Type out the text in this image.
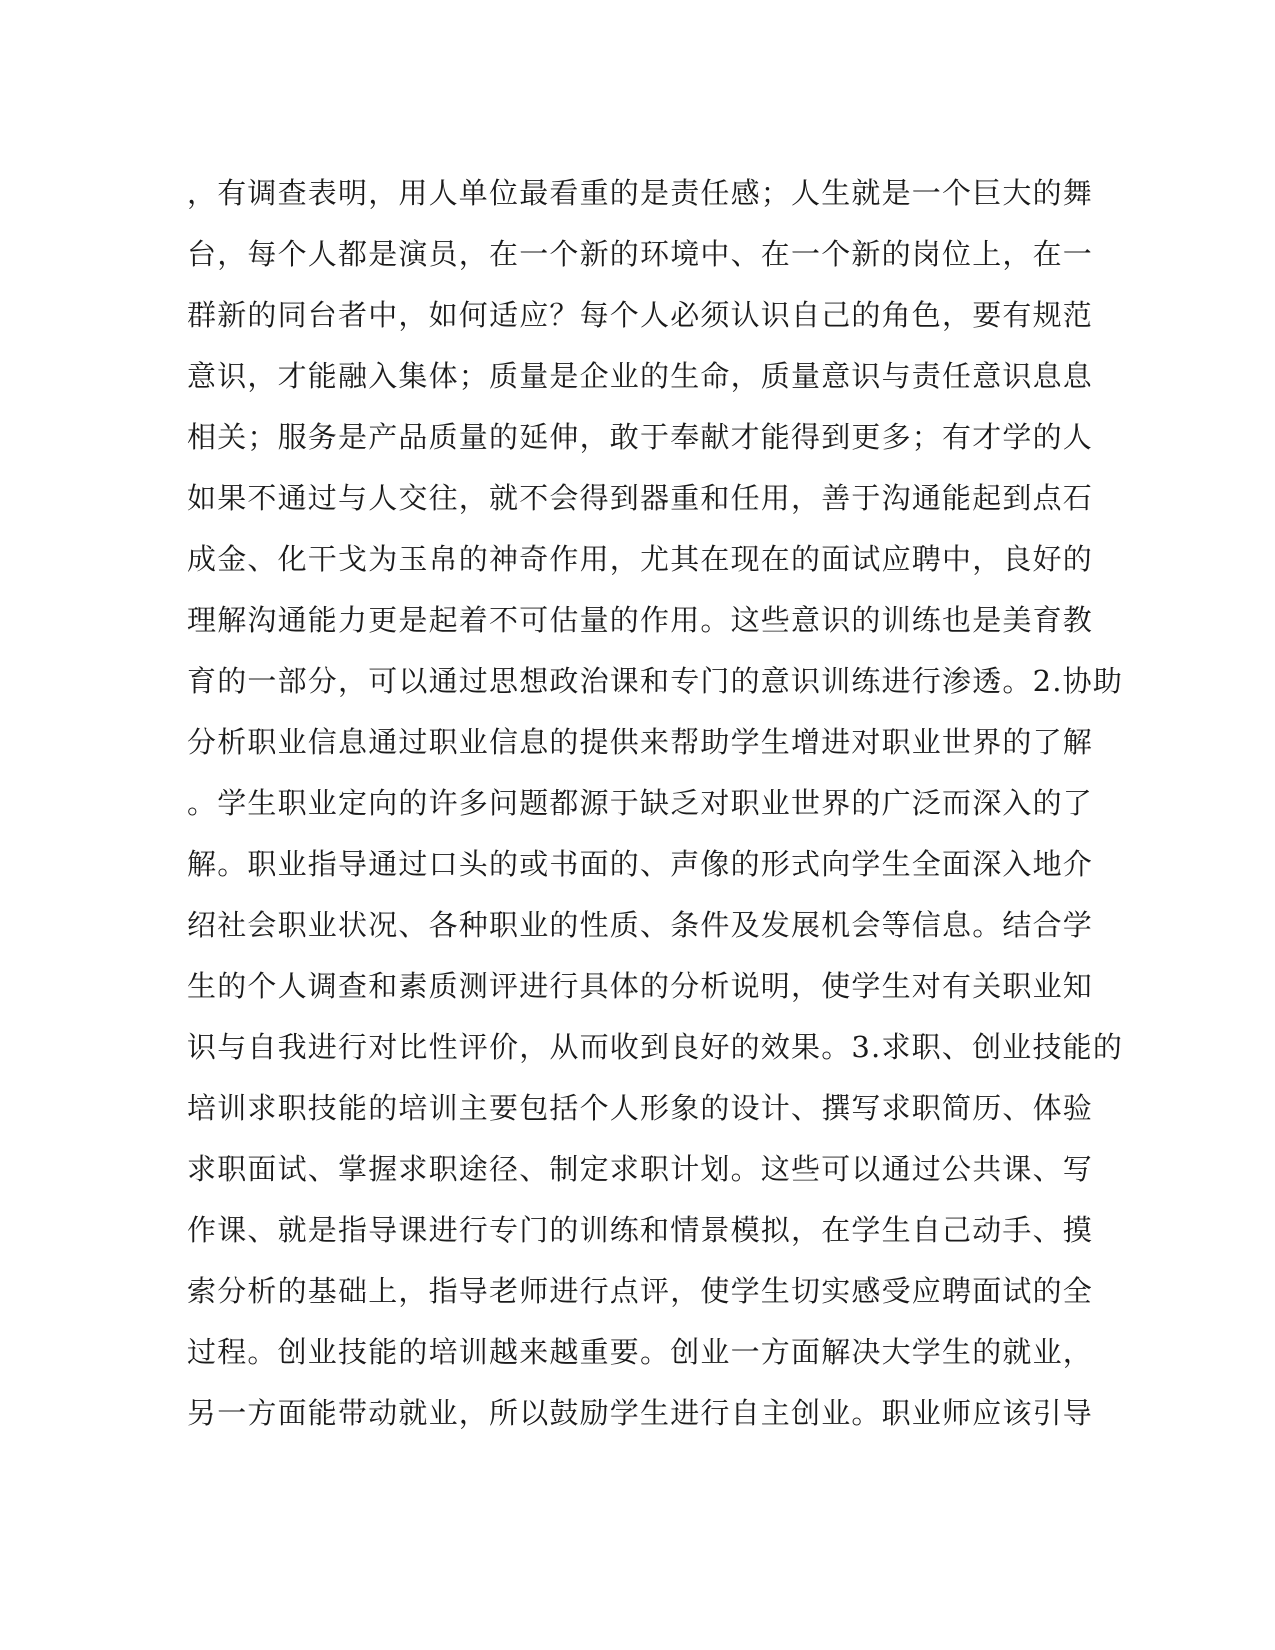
，有调查表明，用人单位最看重的是责任感；人生就是一个巨大的舞
台，每个人都是演员，在一个新的环境中、在一个新的岗位上，在一
群新的同台者中，如何适应？每个人必须认识自己的角色，要有规范
意识，才能融入集体；质量是企业的生命，质量意识与责任意识息息
相关；服务是产品质量的延伸，敢于奉献才能得到更多；有才学的人
如果不通过与人交往，就不会得到器重和任用，善于沟通能起到点石
成金、化干戈为玉帛的神奇作用，尤其在现在的面试应聘中，良好的
理解沟通能力更是起着不可估量的作用。这些意识的训练也是美育教
育的一部分，可以通过思想政治课和专门的意识训练进行渗透。2.协助
分析职业信息通过职业信息的提供来帮助学生增进对职业世界的了解
。学生职业定向的许多问题都源于缺乏对职业世界的广泛而深入的了
解。职业指导通过口头的或书面的、声像的形式向学生全面深入地介
绍社会职业状况、各种职业的性质、条件及发展机会等信息。结合学
生的个人调查和素质测评进行具体的分析说明，使学生对有关职业知
识与自我进行对比性评价，从而收到良好的效果。3.求职、创业技能的
培训求职技能的培训主要包括个人形象的设计、撰写求职简历、体验
求职面试、掌握求职途径、制定求职计划。这些可以通过公共课、写
作课、就是指导课进行专门的训练和情景模拟，在学生自己动手、摸
索分析的基础上，指导老师进行点评，使学生切实感受应聘面试的全
过程。创业技能的培训越来越重要。创业一方面解决大学生的就业，
另一方面能带动就业，所以鼓励学生进行自主创业。职业师应该引导
